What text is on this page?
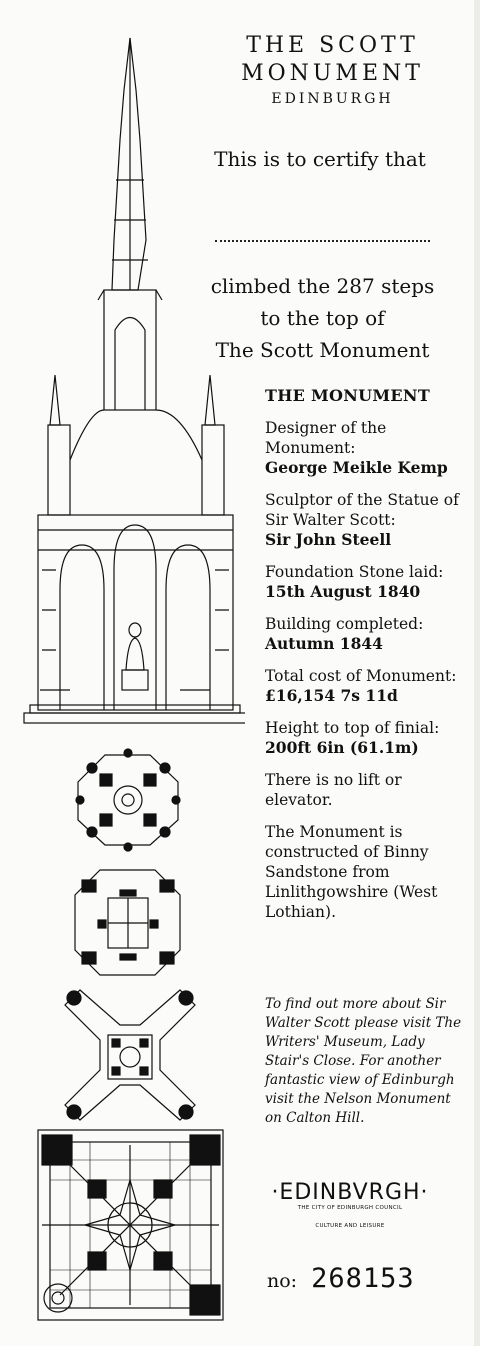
THE SCOTT
MONUMENT
EDINBURGH
This is to certify that
climbed the 287 steps
to the top of
The Scott Monument
THE MONUMENT
Designer of the Monument:
George Meikle Kemp
Sculptor of the Statue of Sir Walter Scott:
Sir John Steell
Foundation Stone laid:
15th August 1840
Building completed:
Autumn 1844
Total cost of Monument:
£16,154 7s 11d
Height to top of finial:
200ft 6in (61.1m)
There is no lift or elevator.
The Monument is constructed of Binny Sandstone from Linlithgowshire (West Lothian).
To find out more about Sir Walter Scott please visit The Writers' Museum, Lady Stair's Close. For another fantastic view of Edinburgh visit the Nelson Monument on Calton Hill.
·EDINBVRGH·
THE CITY OF EDINBURGH COUNCIL
CULTURE AND LEISURE
no: 268153
